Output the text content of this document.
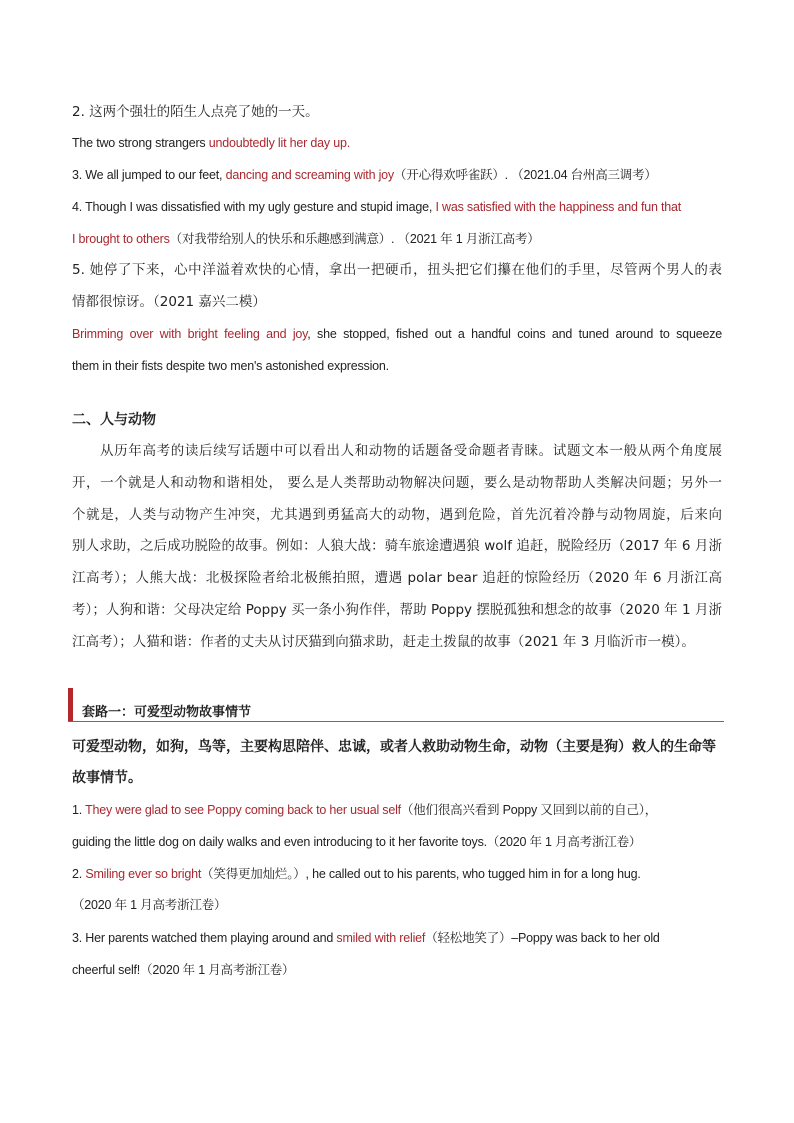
2. 这两个强壮的陌生人点亮了她的一天。
The two strong strangers undoubtedly lit her day up.
3. We all jumped to our feet, dancing and screaming with joy（开心得欢呼雀跃）. （2021.04 台州高三调考）
4. Though I was dissatisfied with my ugly gesture and stupid image, I was satisfied with the happiness and fun that
I brought to others（对我带给别人的快乐和乐趣感到满意）. （2021 年 1 月浙江高考）
5. 她停了下来，心中洋溢着欢快的心情，拿出一把硬币，扭头把它们攥在他们的手里，尽管两个男人的表
情都很惊讶。（2021 嘉兴二模）
Brimming over with bright feeling and joy, she stopped, fished out a handful coins and tuned around to squeeze
them in their fists despite two men's astonished expression.
二、人与动物
从历年高考的读后续写话题中可以看出人和动物的话题备受命题者青睐。试题文本一般从两个角度展
开，一个就是人和动物和谐相处， 要么是人类帮助动物解决问题，要么是动物帮助人类解决问题；另外一
个就是，人类与动物产生冲突，尤其遇到勇猛高大的动物，遇到危险，首先沉着冷静与动物周旋，后来向
别人求助，之后成功脱险的故事。例如：人狼大战：骑车旅途遭遇狼 wolf 追赶，脱险经历（2017 年 6 月浙
江高考）；人熊大战：北极探险者给北极熊拍照，遭遇 polar bear 追赶的惊险经历（2020 年 6 月浙江高
考）；人狗和谐：父母决定给 Poppy 买一条小狗作伴，帮助 Poppy 摆脱孤独和想念的故事（2020 年 1 月浙
江高考）；人猫和谐：作者的丈夫从讨厌猫到向猫求助，赶走土拨鼠的故事（2021 年 3 月临沂市一模）。
套路一：可爱型动物故事情节
可爱型动物，如狗，鸟等，主要构思陪伴、忠诚，或者人救助动物生命，动物（主要是狗）救人的生命等
故事情节。
1. They were glad to see Poppy coming back to her usual self（他们很高兴看到 Poppy 又回到以前的自己），
guiding the little dog on daily walks and even introducing to it her favorite toys.（2020 年 1 月高考浙江卷）
2. Smiling ever so bright（笑得更加灿烂。）, he called out to his parents, who tugged him in for a long hug.
（2020 年 1 月高考浙江卷）
3. Her parents watched them playing around and smiled with relief（轻松地笑了）–Poppy was back to her old
cheerful self!（2020 年 1 月高考浙江卷）
